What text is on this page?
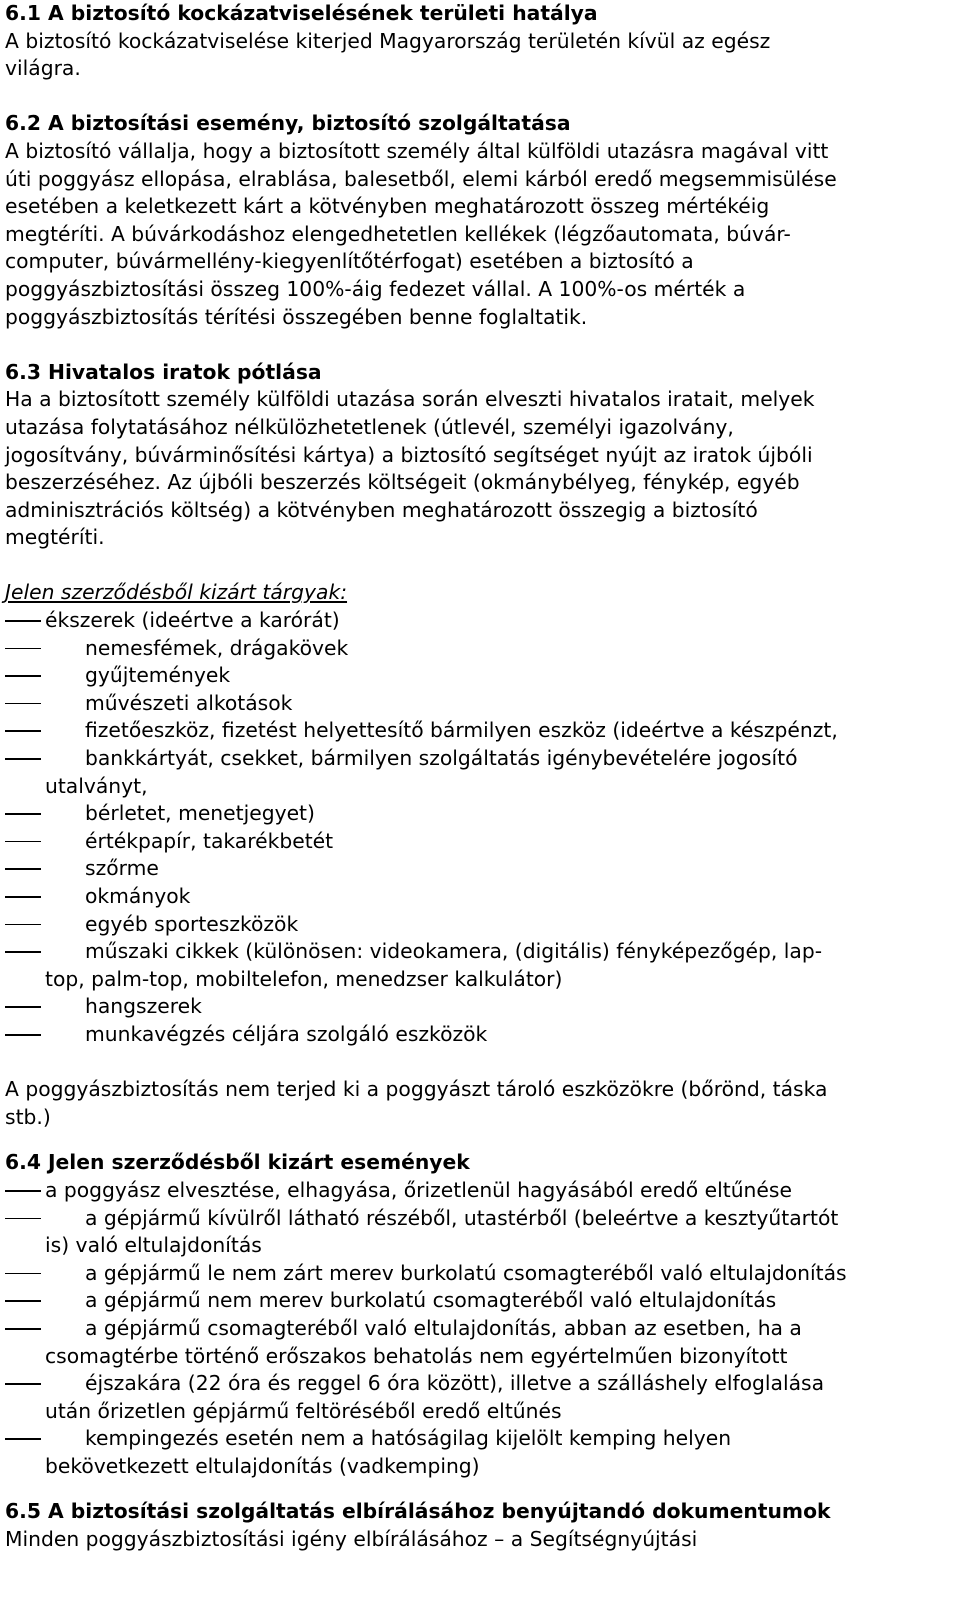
6.1 A biztosító kockázatviselésének területi hatálya
A biztosító kockázatviselése kiterjed Magyarország területén kívül az egész
világra.
6.2 A biztosítási esemény, biztosító szolgáltatása
A biztosító vállalja, hogy a biztosított személy által külföldi utazásra magával vitt
úti poggyász ellopása, elrablása, balesetből, elemi kárból eredő megsemmisülése
esetében a keletkezett kárt a kötvényben meghatározott összeg mértékéig
megtéríti. A búvárkodáshoz elengedhetetlen kellékek (légzőautomata, búvár-
computer, búvármellény-kiegyenlítőtérfogat) esetében a biztosító a
poggyászbiztosítási összeg 100%-áig fedezet vállal. A 100%-os mérték a
poggyászbiztosítás térítési összegében benne foglaltatik.
6.3 Hivatalos iratok pótlása
Ha a biztosított személy külföldi utazása során elveszti hivatalos iratait, melyek
utazása folytatásához nélkülözhetetlenek (útlevél, személyi igazolvány,
jogosítvány, búvárminősítési kártya) a biztosító segítséget nyújt az iratok újbóli
beszerzéséhez. Az újbóli beszerzés költségeit (okmánybélyeg, fénykép, egyéb
adminisztrációs költség) a kötvényben meghatározott összegig a biztosító
megtéríti.
Jelen szerződésből kizárt tárgyak:
ékszerek (ideértve a karórát)
nemesfémek, drágakövek
gyűjtemények
művészeti alkotások
fizetőeszköz, fizetést helyettesítő bármilyen eszköz (ideértve a készpénzt,
bankkártyát, csekket, bármilyen szolgáltatás igénybevételére jogosító
utalványt,
bérletet, menetjegyet)
értékpapír, takarékbetét
szőrme
okmányok
egyéb sporteszközök
műszaki cikkek (különösen: videokamera, (digitális) fényképezőgép, lap-
top, palm-top, mobiltelefon, menedzser kalkulátor)
hangszerek
munkavégzés céljára szolgáló eszközök
A poggyászbiztosítás nem terjed ki a poggyászt tároló eszközökre (bőrönd, táska
stb.)
6.4 Jelen szerződésből kizárt események
a poggyász elvesztése, elhagyása, őrizetlenül hagyásából eredő eltűnése
a gépjármű kívülről látható részéből, utastérből (beleértve a kesztyűtartót
is) való eltulajdonítás
a gépjármű le nem zárt merev burkolatú csomagteréből való eltulajdonítás
a gépjármű nem merev burkolatú csomagteréből való eltulajdonítás
a gépjármű csomagteréből való eltulajdonítás, abban az esetben, ha a
csomagtérbe történő erőszakos behatolás nem egyértelműen bizonyított
éjszakára (22 óra és reggel 6 óra között), illetve a szálláshely elfoglalása
után őrizetlen gépjármű feltöréséből eredő eltűnés
kempingezés esetén nem a hatóságilag kijelölt kemping helyen
bekövetkezett eltulajdonítás (vadkemping)
6.5 A biztosítási szolgáltatás elbírálásához benyújtandó dokumentumok
Minden poggyászbiztosítási igény elbírálásához – a Segítségnyújtási
